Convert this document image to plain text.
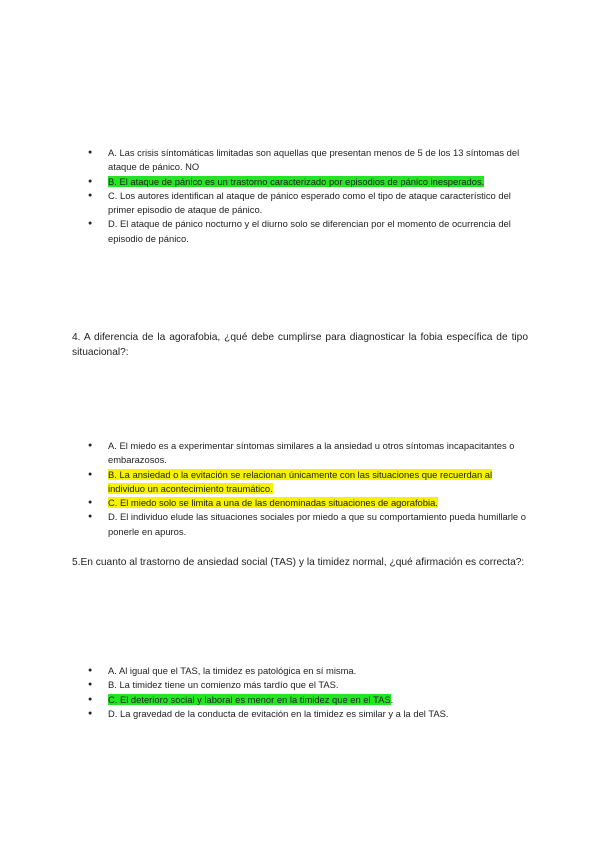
● A. Las crisis síntomáticas limitadas son aquellas que presentan menos de 5 de los 13 síntomas del ataque de pánico. NO
● B. El ataque de pánico es un trastorno caracterizado por episodios de pánico inesperados.
● C. Los autores identifican al ataque de pánico esperado como el tipo de ataque característico del primer episodio de ataque de pánico.
● D. El ataque de pánico nocturno y el diurno solo se diferencian por el momento de ocurrencia del episodio de pánico.

4. A diferencia de la agorafobia, ¿qué debe cumplirse para diagnosticar la fobia específica de tipo situacional?:

● A. El miedo es a experimentar síntomas similares a la ansiedad u otros síntomas incapacitantes o embarazosos.
● B. La ansiedad o la evitación se relacionan únicamente con las situaciones que recuerdan al individuo un acontecimiento traumático.
● C. El miedo solo se limita a una de las denominadas situaciones de agorafobia.
● D. El individuo elude las situaciones sociales por miedo a que su comportamiento pueda humillarle o ponerle en apuros.

5.En cuanto al trastorno de ansiedad social (TAS) y la timidez normal, ¿qué afirmación es correcta?:

● A. Al igual que el TAS, la timidez es patológica en sí misma.
● B. La timidez tiene un comienzo más tardío que el TAS.
● C. El deterioro social y laboral es menor en la timidez que en el TAS.
● D. La gravedad de la conducta de evitación en la timidez es similar y a la del TAS.
